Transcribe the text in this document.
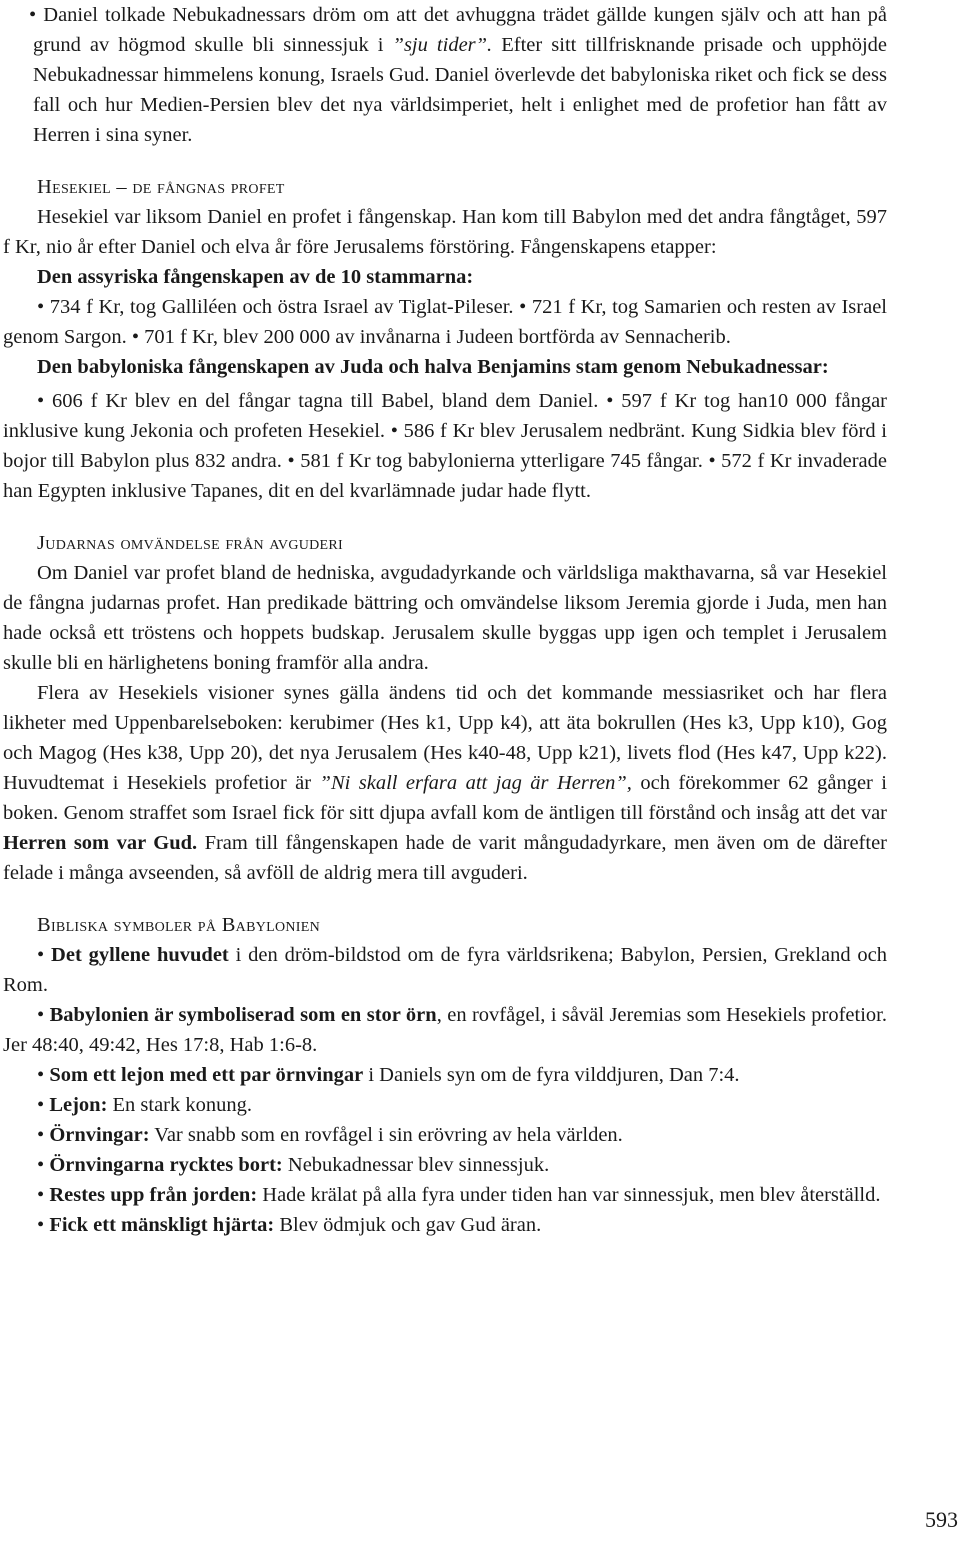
• Daniel tolkade Nebukadnessars dröm om att det avhuggna trädet gällde kungen själv och att han på grund av högmod skulle bli sinnessjuk i ”sju tider”. Efter sitt tillfrisknande prisade och upphöjde Nebukadnessar himmelens konung, Israels Gud. Daniel överlevde det babyloniska riket och fick se dess fall och hur Medien-Persien blev det nya världsimperiet, helt i enlighet med de profetior han fått av Herren i sina syner.

Hesekiel – de fångnas profet

Hesekiel var liksom Daniel en profet i fångenskap. Han kom till Babylon med det andra fångtåget, 597 f Kr, nio år efter Daniel och elva år före Jerusalems förstöring. Fångenskapens etapper:

Den assyriska fångenskapen av de 10 stammarna:

• 734 f Kr, tog Galliléen och östra Israel av Tiglat-Pileser. • 721 f Kr, tog Samarien och resten av Israel genom Sargon. • 701 f Kr, blev 200 000 av invånarna i Judeen bortförda av Sennacherib.

Den babyloniska fångenskapen av Juda och halva Benjamins stam genom Nebukadnessar:

• 606 f Kr blev en del fångar tagna till Babel, bland dem Daniel. • 597 f Kr tog han10 000 fångar inklusive kung Jekonia och profeten Hesekiel. • 586 f Kr blev Jerusalem nedbränt. Kung Sidkia blev förd i bojor till Babylon plus 832 andra. • 581 f Kr tog babylonierna ytterligare 745 fångar. • 572 f Kr invaderade han Egypten inklusive Tapanes, dit en del kvarlämnade judar hade flytt.

Judarnas omvändelse från avguderi

Om Daniel var profet bland de hedniska, avgudadyrkande och världsliga makthavarna, så var Hesekiel de fångna judarnas profet. Han predikade bättring och omvändelse liksom Jeremia gjorde i Juda, men han hade också ett tröstens och hoppets budskap. Jerusalem skulle byggas upp igen och templet i Jerusalem skulle bli en härlighetens boning framför alla andra.

Flera av Hesekiels visioner synes gälla ändens tid och det kommande messiasriket och har flera likheter med Uppenbarelseboken: kerubimer (Hes k1, Upp k4), att äta bokrullen (Hes k3, Upp k10), Gog och Magog (Hes k38, Upp 20), det nya Jerusalem (Hes k40-48, Upp k21), livets flod (Hes k47, Upp k22). Huvudtemat i Hesekiels profetior är ”Ni skall erfara att jag är Herren”, och förekommer 62 gånger i boken. Genom straffet som Israel fick för sitt djupa avfall kom de äntligen till förstånd och insåg att det var Herren som var Gud. Fram till fångenskapen hade de varit mångudadyrkare, men även om de därefter felade i många avseenden, så avföll de aldrig mera till avguderi.

Bibliska symboler på Babylonien

• Det gyllene huvudet i den dröm-bildstod om de fyra världsrikena; Babylon, Persien, Grekland och Rom.

• Babylonien är symboliserad som en stor örn, en rovfågel, i såväl Jeremias som Hesekiels profetior. Jer 48:40, 49:42, Hes 17:8, Hab 1:6-8.

• Som ett lejon med ett par örnvingar i Daniels syn om de fyra vilddjuren, Dan 7:4.

• Lejon: En stark konung.

• Örnvingar: Var snabb som en rovfågel i sin erövring av hela världen.

• Örnvingarna rycktes bort: Nebukadnessar blev sinnessjuk.

• Restes upp från jorden: Hade krälat på alla fyra under tiden han var sinnessjuk, men blev återställd.

• Fick ett mänskligt hjärta: Blev ödmjuk och gav Gud äran.

593
